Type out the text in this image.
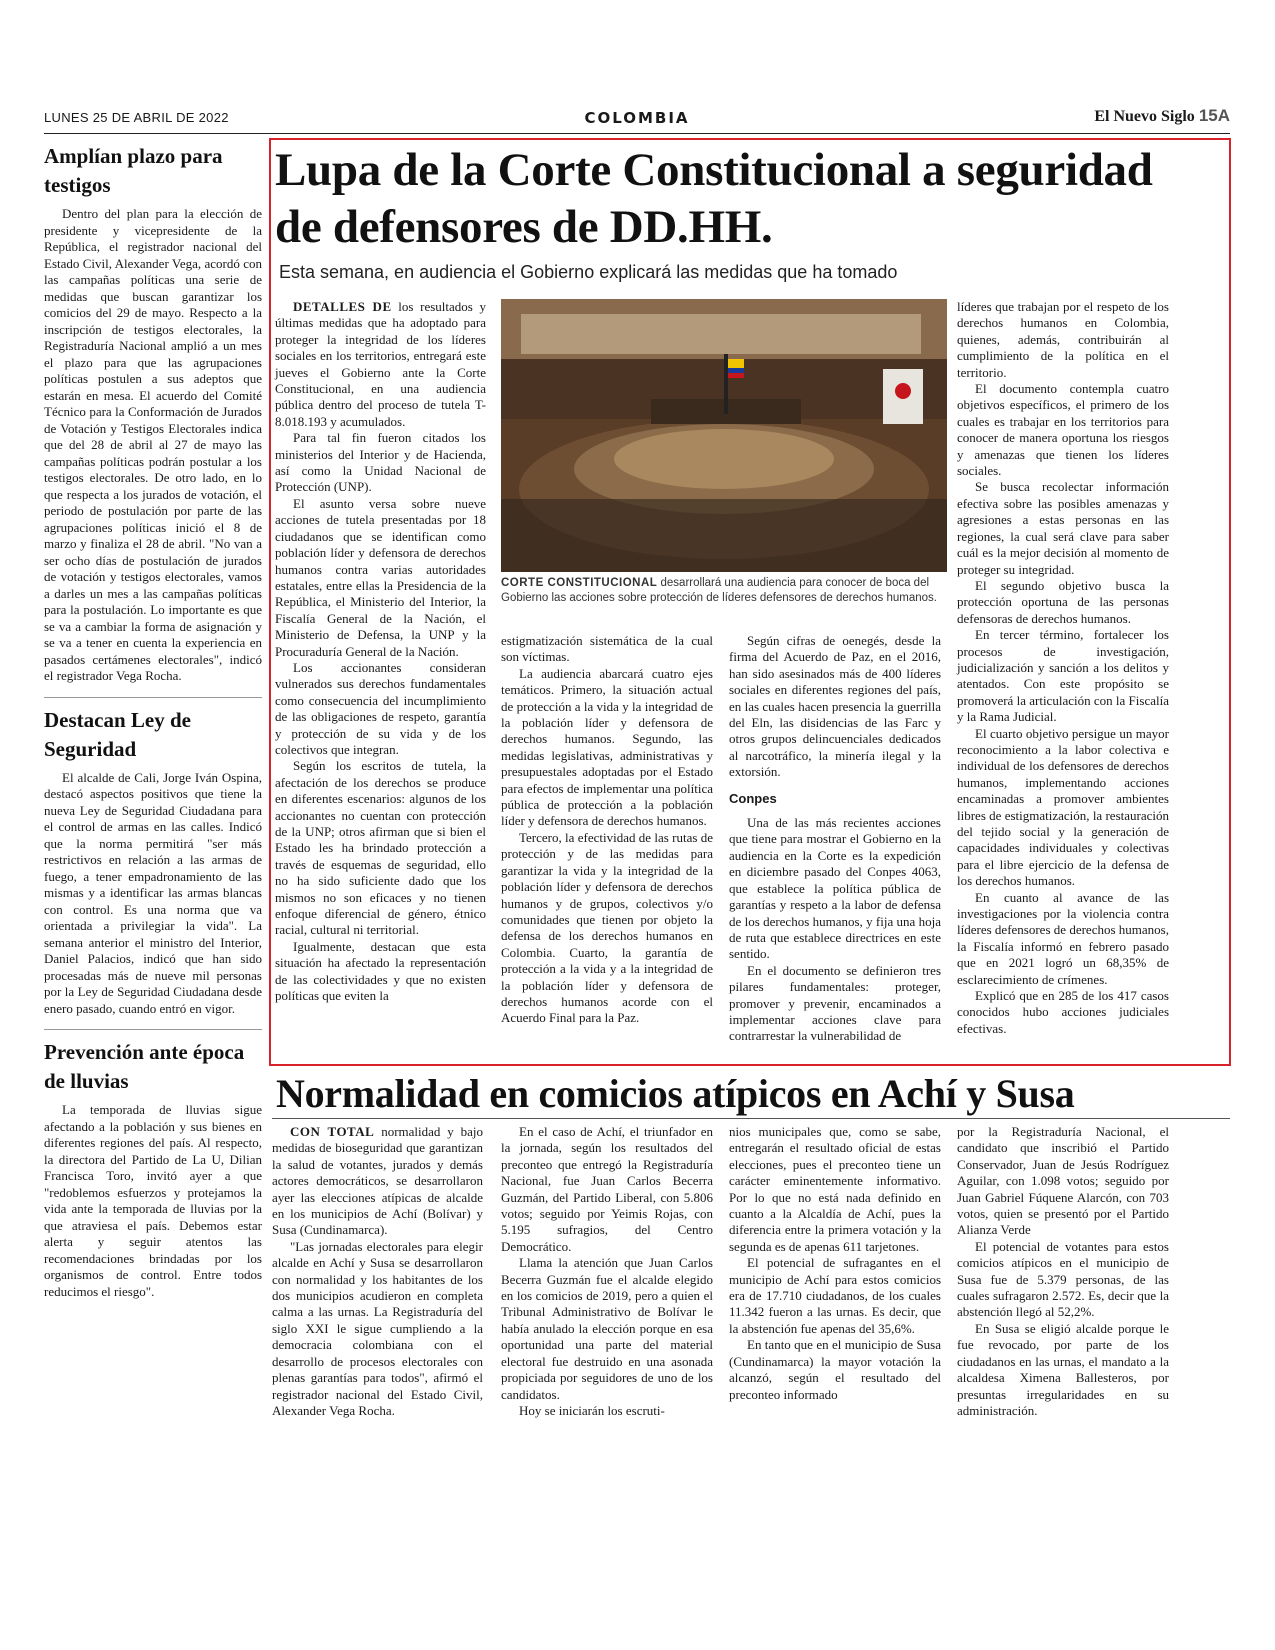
LUNES 25 DE ABRIL DE 2022	COLOMBIA	El Nuevo Siglo 15A
Amplían plazo para testigos

Dentro del plan para la elección de presidente y vicepresidente de la República, el registrador nacional del Estado Civil, Alexander Vega, acordó con las campañas políticas una serie de medidas que buscan garantizar los comicios del 29 de mayo. Respecto a la inscripción de testigos electorales, la Registraduría Nacional amplió a un mes el plazo para que las agrupaciones políticas postulen a sus adeptos que estarán en mesa. El acuerdo del Comité Técnico para la Conformación de Jurados de Votación y Testigos Electorales indica que del 28 de abril al 27 de mayo las campañas políticas podrán postular a los testigos electorales. De otro lado, en lo que respecta a los jurados de votación, el periodo de postulación por parte de las agrupaciones políticas inició el 8 de marzo y finaliza el 28 de abril. "No van a ser ocho días de postulación de jurados de votación y testigos electorales, vamos a darles un mes a las campañas políticas para la postulación. Lo importante es que se va a cambiar la forma de asignación y se va a tener en cuenta la experiencia en pasados certámenes electorales", indicó el registrador Vega Rocha.

Destacan Ley de Seguridad

El alcalde de Cali, Jorge Iván Ospina, destacó aspectos positivos que tiene la nueva Ley de Seguridad Ciudadana para el control de armas en las calles. Indicó que la norma permitirá "ser más restrictivos en relación a las armas de fuego, a tener empadronamiento de las mismas y a identificar las armas blancas con control. Es una norma que va orientada a privilegiar la vida". La semana anterior el ministro del Interior, Daniel Palacios, indicó que han sido procesadas más de nueve mil personas por la Ley de Seguridad Ciudadana desde enero pasado, cuando entró en vigor.

Prevención ante época de lluvias

La temporada de lluvias sigue afectando a la población y sus bienes en diferentes regiones del país. Al respecto, la directora del Partido de La U, Dilian Francisca Toro, invitó ayer a que "redoblemos esfuerzos y protejamos la vida ante la temporada de lluvias por la que atraviesa el país. Debemos estar alerta y seguir atentos las recomendaciones brindadas por los organismos de control. Entre todos reducimos el riesgo".

Lupa de la Corte Constitucional a seguridad de defensores de DD.HH.
Esta semana, en audiencia el Gobierno explicará las medidas que ha tomado

DETALLES DE los resultados y últimas medidas que ha adoptado para proteger la integridad de los líderes sociales en los territorios, entregará este jueves el Gobierno ante la Corte Constitucional, en una audiencia pública dentro del proceso de tutela T-8.018.193 y acumulados.

Para tal fin fueron citados los ministerios del Interior y de Hacienda, así como la Unidad Nacional de Protección (UNP).

El asunto versa sobre nueve acciones de tutela presentadas por 18 ciudadanos que se identifican como población líder y defensora de derechos humanos contra varias autoridades estatales, entre ellas la Presidencia de la República, el Ministerio del Interior, la Fiscalía General de la Nación, el Ministerio de Defensa, la UNP y la Procuraduría General de la Nación.

Los accionantes consideran vulnerados sus derechos fundamentales como consecuencia del incumplimiento de las obligaciones de respeto, garantía y protección de su vida y de los colectivos que integran.

Según los escritos de tutela, la afectación de los derechos se produce en diferentes escenarios: algunos de los accionantes no cuentan con protección de la UNP; otros afirman que si bien el Estado les ha brindado protección a través de esquemas de seguridad, ello no ha sido suficiente dado que los mismos no son eficaces y no tienen enfoque diferencial de género, étnico racial, cultural ni territorial.

Igualmente, destacan que esta situación ha afectado la representación de las colectividades y que no existen políticas que eviten la

CORTE CONSTITUCIONAL desarrollará una audiencia para conocer de boca del Gobierno las acciones sobre protección de líderes defensores de derechos humanos.

estigmatización sistemática de la cual son víctimas.

La audiencia abarcará cuatro ejes temáticos. Primero, la situación actual de protección a la vida y la integridad de la población líder y defensora de derechos humanos. Segundo, las medidas legislativas, administrativas y presupuestales adoptadas por el Estado para efectos de implementar una política pública de protección a la población líder y defensora de derechos humanos.

Tercero, la efectividad de las rutas de protección y de las medidas para garantizar la vida y la integridad de la población líder y defensora de derechos humanos y de grupos, colectivos y/o comunidades que tienen por objeto la defensa de los derechos humanos en Colombia. Cuarto, la garantía de protección a la vida y a la integridad de la población líder y defensora de derechos humanos acorde con el Acuerdo Final para la Paz.

Según cifras de oenegés, desde la firma del Acuerdo de Paz, en el 2016, han sido asesinados más de 400 líderes sociales en diferentes regiones del país, en las cuales hacen presencia la guerrilla del Eln, las disidencias de las Farc y otros grupos delincuenciales dedicados al narcotráfico, la minería ilegal y la extorsión.

Conpes

Una de las más recientes acciones que tiene para mostrar el Gobierno en la audiencia en la Corte es la expedición en diciembre pasado del Conpes 4063, que establece la política pública de garantías y respeto a la labor de defensa de los derechos humanos, y fija una hoja de ruta que establece directrices en este sentido.

En el documento se definieron tres pilares fundamentales: proteger, promover y prevenir, encaminados a implementar acciones clave para contrarrestar la vulnerabilidad de

líderes que trabajan por el respeto de los derechos humanos en Colombia, quienes, además, contribuirán al cumplimiento de la política en el territorio.

El documento contempla cuatro objetivos específicos, el primero de los cuales es trabajar en los territorios para conocer de manera oportuna los riesgos y amenazas que tienen los líderes sociales.

Se busca recolectar información efectiva sobre las posibles amenazas y agresiones a estas personas en las regiones, la cual será clave para saber cuál es la mejor decisión al momento de proteger su integridad.

El segundo objetivo busca la protección oportuna de las personas defensoras de derechos humanos.

En tercer término, fortalecer los procesos de investigación, judicialización y sanción a los delitos y atentados. Con este propósito se promoverá la articulación con la Fiscalía y la Rama Judicial.

El cuarto objetivo persigue un mayor reconocimiento a la labor colectiva e individual de los defensores de derechos humanos, implementando acciones encaminadas a promover ambientes libres de estigmatización, la restauración del tejido social y la generación de capacidades individuales y colectivas para el libre ejercicio de la defensa de los derechos humanos.

En cuanto al avance de las investigaciones por la violencia contra líderes defensores de derechos humanos, la Fiscalía informó en febrero pasado que en 2021 logró un 68,35% de esclarecimiento de crímenes.

Explicó que en 285 de los 417 casos conocidos hubo acciones judiciales efectivas.

Normalidad en comicios atípicos en Achí y Susa

CON TOTAL normalidad y bajo medidas de bioseguridad que garantizan la salud de votantes, jurados y demás actores democráticos, se desarrollaron ayer las elecciones atípicas de alcalde en los municipios de Achí (Bolívar) y Susa (Cundinamarca).

"Las jornadas electorales para elegir alcalde en Achí y Susa se desarrollaron con normalidad y los habitantes de los dos municipios acudieron en completa calma a las urnas. La Registraduría del siglo XXI le sigue cumpliendo a la democracia colombiana con el desarrollo de procesos electorales con plenas garantías para todos", afirmó el registrador nacional del Estado Civil, Alexander Vega Rocha.

En el caso de Achí, el triunfador en la jornada, según los resultados del preconteo que entregó la Registraduría Nacional, fue Juan Carlos Becerra Guzmán, del Partido Liberal, con 5.806 votos; seguido por Yeimis Rojas, con 5.195 sufragios, del Centro Democrático.

Llama la atención que Juan Carlos Becerra Guzmán fue el alcalde elegido en los comicios de 2019, pero a quien el Tribunal Administrativo de Bolívar le había anulado la elección porque en esa oportunidad una parte del material electoral fue destruido en una asonada propiciada por seguidores de uno de los candidatos.

Hoy se iniciarán los escruti-

nios municipales que, como se sabe, entregarán el resultado oficial de estas elecciones, pues el preconteo tiene un carácter eminentemente informativo. Por lo que no está nada definido en cuanto a la Alcaldía de Achí, pues la diferencia entre la primera votación y la segunda es de apenas 611 tarjetones.

El potencial de sufragantes en el municipio de Achí para estos comicios era de 17.710 ciudadanos, de los cuales 11.342 fueron a las urnas. Es decir, que la abstención fue apenas del 35,6%.

En tanto que en el municipio de Susa (Cundinamarca) la mayor votación la alcanzó, según el resultado del preconteo informado

por la Registraduría Nacional, el candidato que inscribió el Partido Conservador, Juan de Jesús Rodríguez Aguilar, con 1.098 votos; seguido por Juan Gabriel Fúquene Alarcón, con 703 votos, quien se presentó por el Partido Alianza Verde

El potencial de votantes para estos comicios atípicos en el municipio de Susa fue de 5.379 personas, de las cuales sufragaron 2.572. Es, decir que la abstención llegó al 52,2%.

En Susa se eligió alcalde porque le fue revocado, por parte de los ciudadanos en las urnas, el mandato a la alcaldesa Ximena Ballesteros, por presuntas irregularidades en su administración.
